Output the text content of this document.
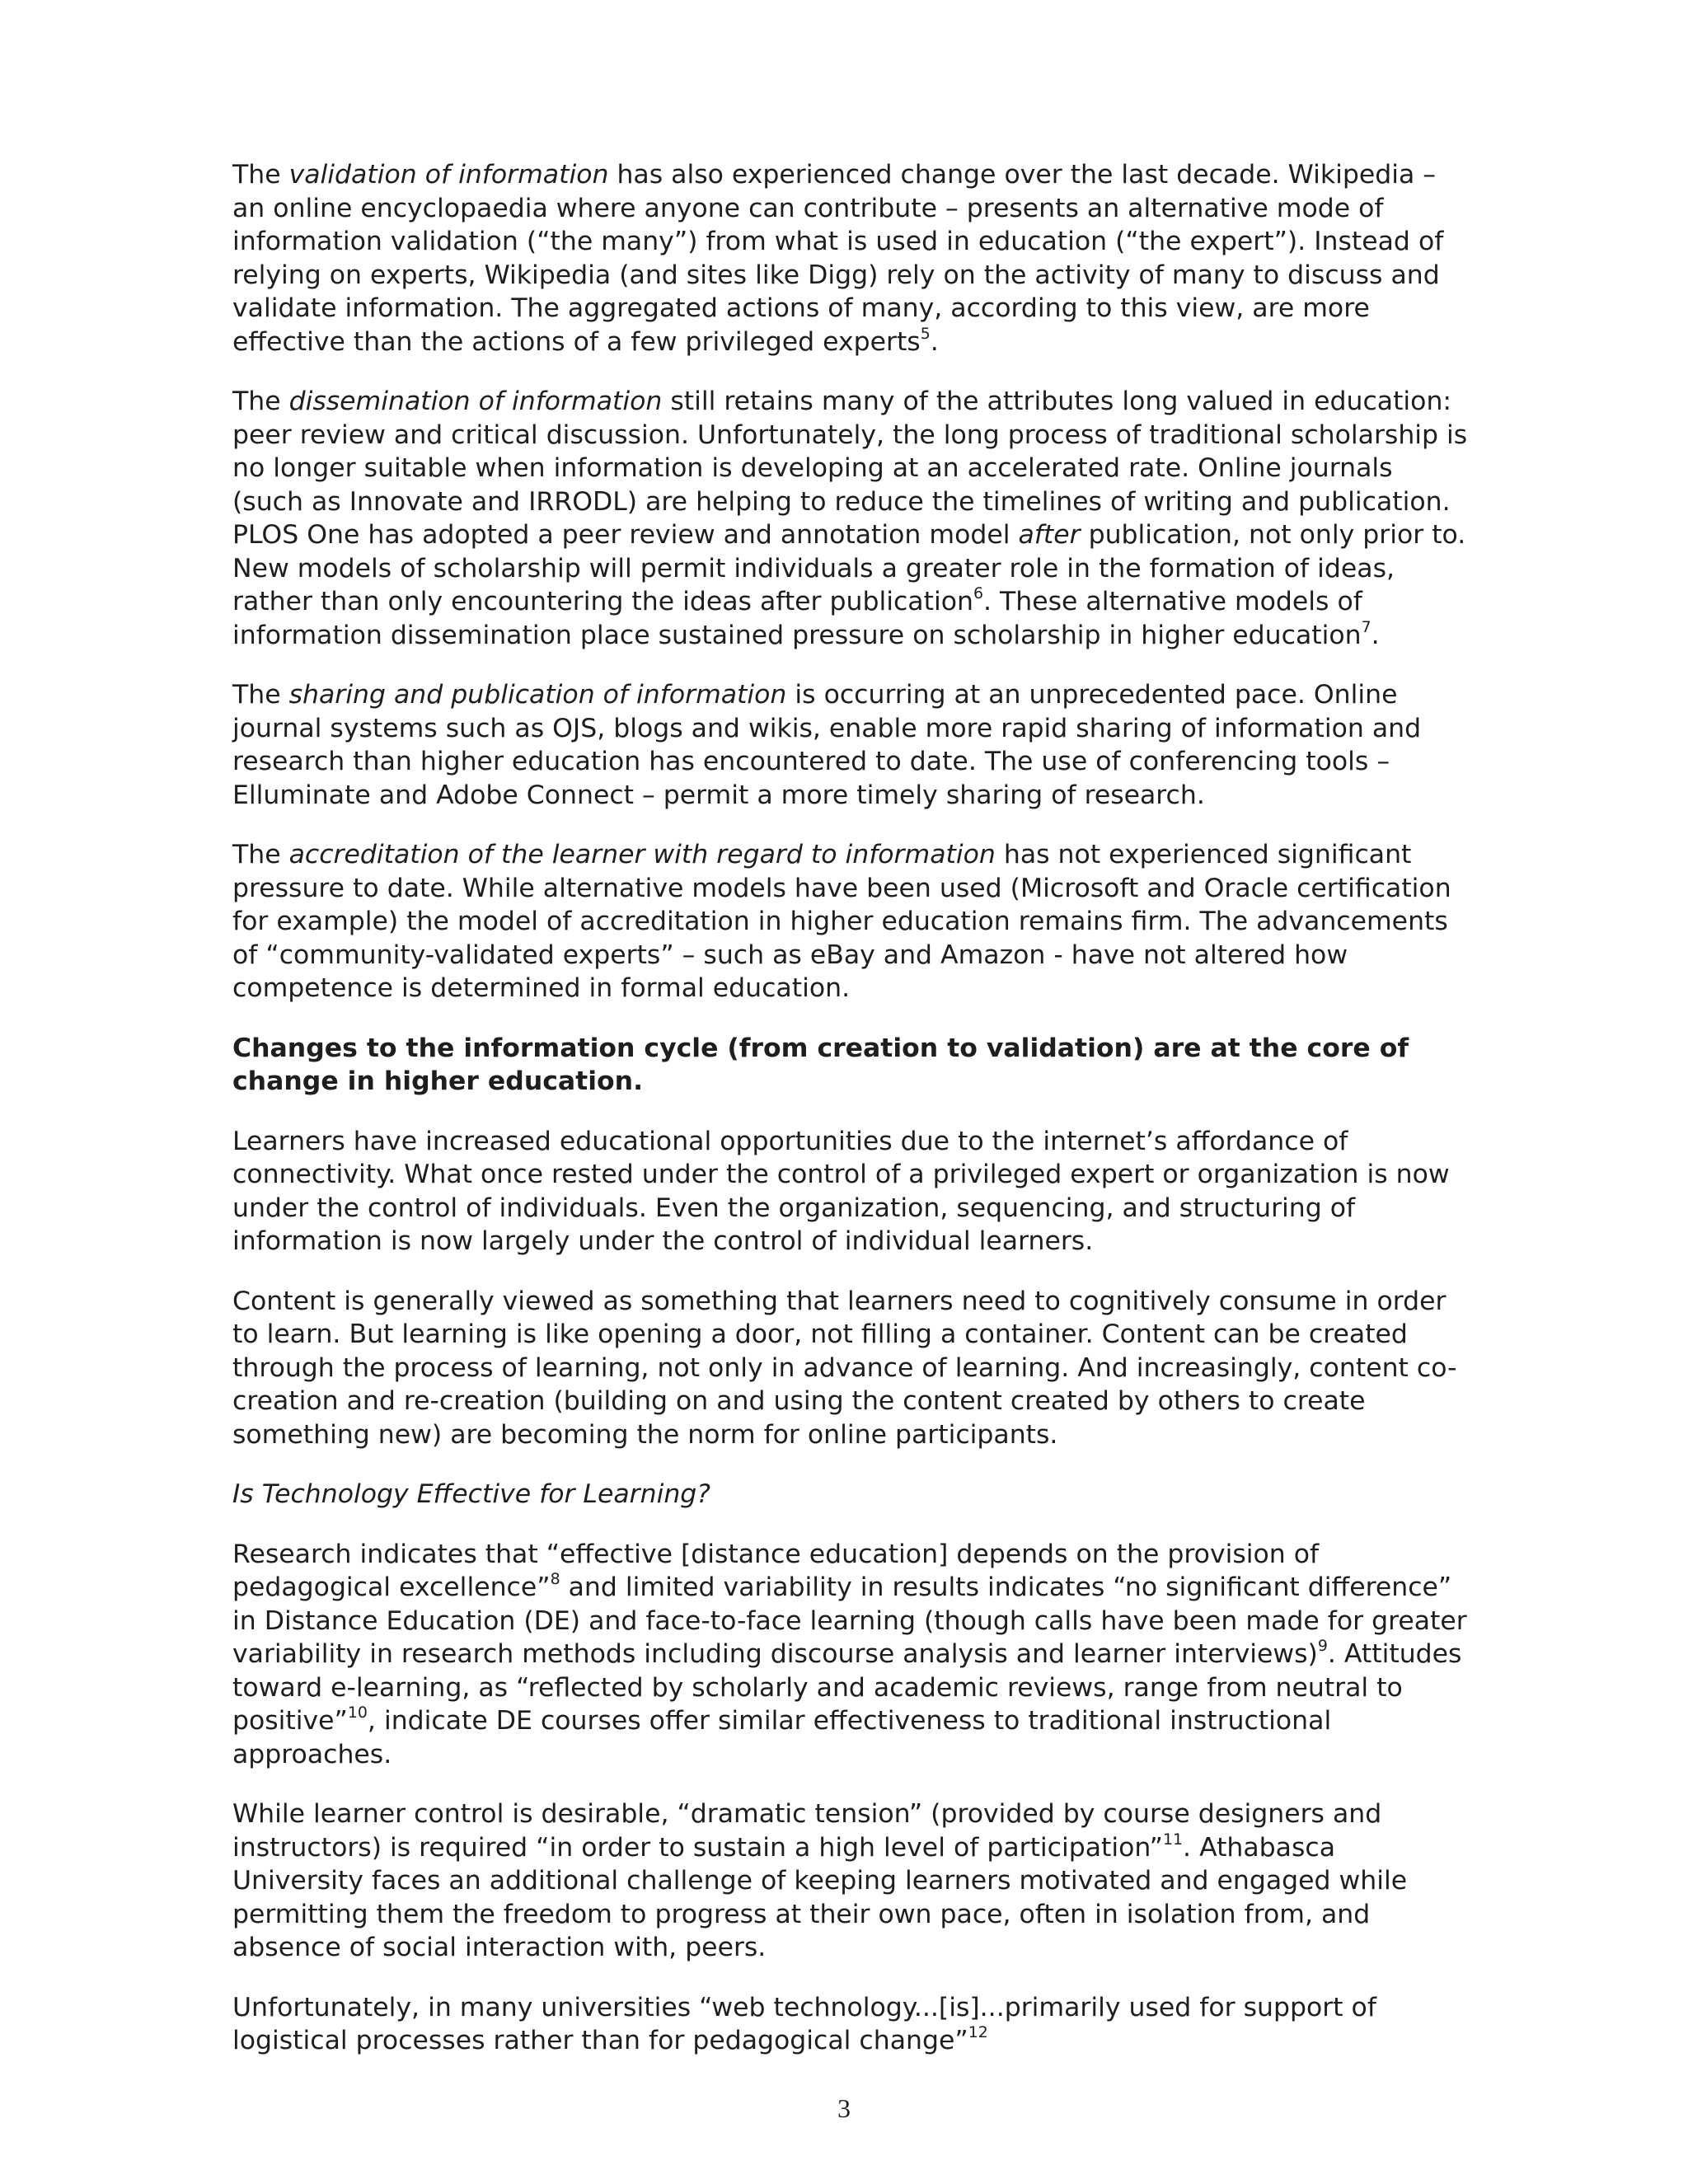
The validation of information has also experienced change over the last decade. Wikipedia – an online encyclopaedia where anyone can contribute – presents an alternative mode of information validation (“the many”) from what is used in education (“the expert”). Instead of relying on experts, Wikipedia (and sites like Digg) rely on the activity of many to discuss and validate information. The aggregated actions of many, according to this view, are more effective than the actions of a few privileged experts$^5$.

The dissemination of information still retains many of the attributes long valued in education: peer review and critical discussion. Unfortunately, the long process of traditional scholarship is no longer suitable when information is developing at an accelerated rate. Online journals (such as Innovate and IRRODL) are helping to reduce the timelines of writing and publication. PLOS One has adopted a peer review and annotation model after publication, not only prior to. New models of scholarship will permit individuals a greater role in the formation of ideas, rather than only encountering the ideas after publication$^6$. These alternative models of information dissemination place sustained pressure on scholarship in higher education$^7$.

The sharing and publication of information is occurring at an unprecedented pace. Online journal systems such as OJS, blogs and wikis, enable more rapid sharing of information and research than higher education has encountered to date. The use of conferencing tools – Elluminate and Adobe Connect – permit a more timely sharing of research.

The accreditation of the learner with regard to information has not experienced significant pressure to date. While alternative models have been used (Microsoft and Oracle certification for example) the model of accreditation in higher education remains firm. The advancements of “community-validated experts” – such as eBay and Amazon - have not altered how competence is determined in formal education.

Changes to the information cycle (from creation to validation) are at the core of change in higher education.

Learners have increased educational opportunities due to the internet’s affordance of connectivity. What once rested under the control of a privileged expert or organization is now under the control of individuals. Even the organization, sequencing, and structuring of information is now largely under the control of individual learners.

Content is generally viewed as something that learners need to cognitively consume in order to learn. But learning is like opening a door, not filling a container. Content can be created through the process of learning, not only in advance of learning. And increasingly, content co-creation and re-creation (building on and using the content created by others to create something new) are becoming the norm for online participants.

Is Technology Effective for Learning?

Research indicates that “effective [distance education] depends on the provision of pedagogical excellence”$^8$ and limited variability in results indicates “no significant difference” in Distance Education (DE) and face-to-face learning (though calls have been made for greater variability in research methods including discourse analysis and learner interviews)$^9$. Attitudes toward e-learning, as “reflected by scholarly and academic reviews, range from neutral to positive”$^{10}$, indicate DE courses offer similar effectiveness to traditional instructional approaches.

While learner control is desirable, “dramatic tension” (provided by course designers and instructors) is required “in order to sustain a high level of participation”$^{11}$. Athabasca University faces an additional challenge of keeping learners motivated and engaged while permitting them the freedom to progress at their own pace, often in isolation from, and absence of social interaction with, peers.

Unfortunately, in many universities “web technology...[is]...primarily used for support of logistical processes rather than for pedagogical change”$^{12}$

3
